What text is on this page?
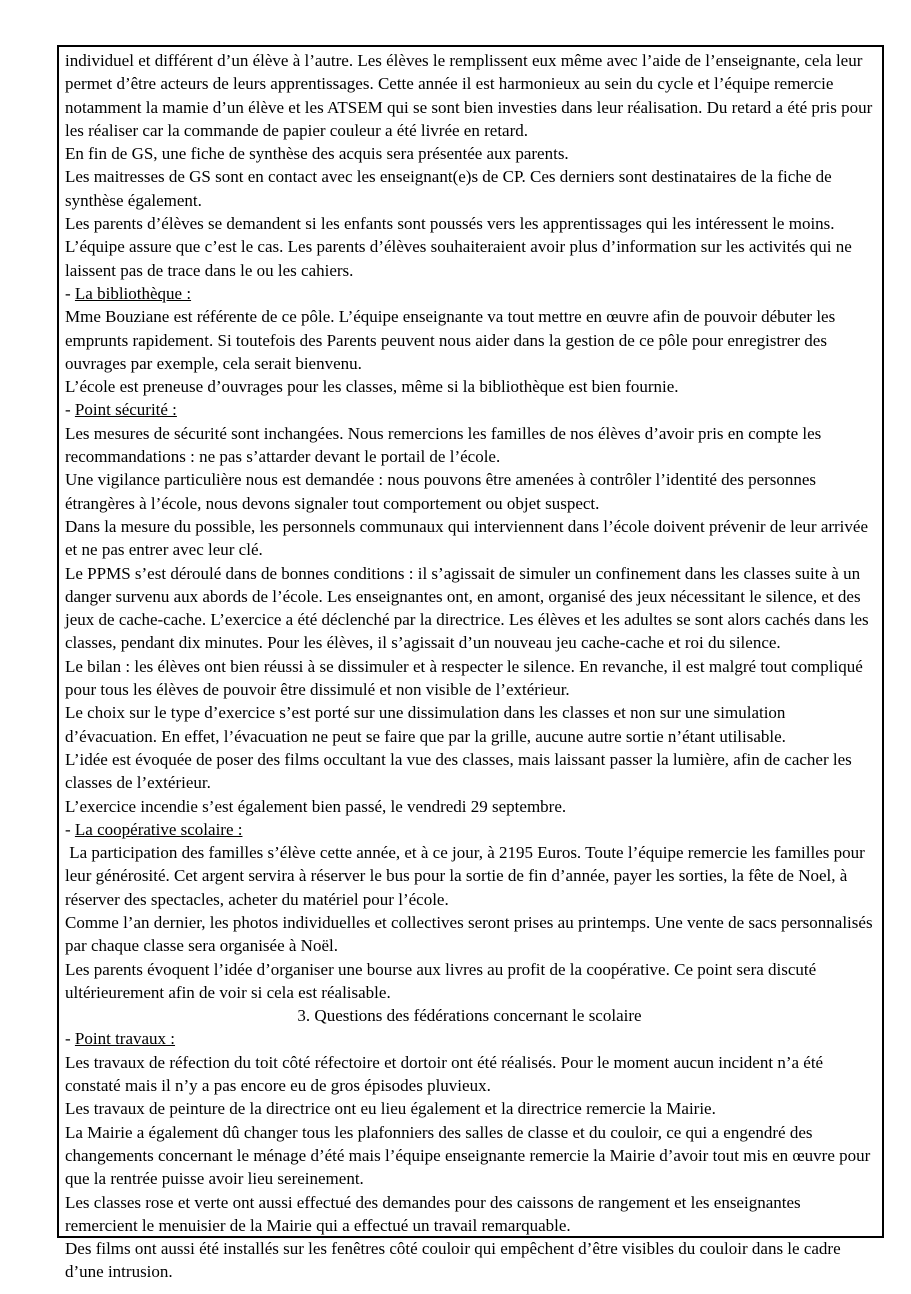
individuel et différent d’un élève à l’autre. Les élèves le remplissent eux même avec l’aide de l’enseignante, cela leur permet d’être acteurs de leurs apprentissages. Cette année il est harmonieux au sein du cycle et l’équipe remercie notamment la mamie d’un élève et les ATSEM qui se sont bien investies dans leur réalisation. Du retard a été pris pour les réaliser car la commande de papier couleur a été livrée en retard.
En fin de GS, une fiche de synthèse des acquis sera présentée aux parents.
Les maitresses de GS sont en contact avec les enseignant(e)s de CP. Ces derniers sont destinataires de la fiche de synthèse également.
Les parents d’élèves se demandent si les enfants sont poussés vers les apprentissages qui les intéressent le moins. L’équipe assure que c’est le cas. Les parents d’élèves souhaiteraient avoir plus d’information sur les activités qui ne laissent pas de trace dans le ou les cahiers.
- La bibliothèque :
Mme Bouziane est référente de ce pôle. L’équipe enseignante va tout mettre en œuvre afin de pouvoir débuter les emprunts rapidement. Si toutefois des Parents peuvent nous aider dans la gestion de ce pôle pour enregistrer des ouvrages par exemple, cela serait bienvenu.
L’école est preneuse d’ouvrages pour les classes, même si la bibliothèque est bien fournie.
- Point sécurité :
Les mesures de sécurité sont inchangées. Nous remercions les familles de nos élèves d’avoir pris en compte les recommandations : ne pas s’attarder devant le portail de l’école.
Une vigilance particulière nous est demandée : nous pouvons être amenées à contrôler l’identité des personnes étrangères à l’école, nous devons signaler tout comportement ou objet suspect.
Dans la mesure du possible, les personnels communaux qui interviennent dans l’école doivent prévenir de leur arrivée et ne pas entrer avec leur clé.
Le PPMS s’est déroulé dans de bonnes conditions : il s’agissait de simuler un confinement dans les classes suite à un danger survenu aux abords de l’école. Les enseignantes ont, en amont, organisé des jeux nécessitant le silence, et des jeux de cache-cache. L’exercice a été déclenché par la directrice. Les élèves et les adultes se sont alors cachés dans les classes, pendant dix minutes. Pour les élèves, il s’agissait d’un nouveau jeu cache-cache et roi du silence.
Le bilan : les élèves ont bien réussi à se dissimuler et à respecter le silence. En revanche, il est malgré tout compliqué pour tous les élèves de pouvoir être dissimulé et non visible de l’extérieur.
Le choix sur le type d’exercice s’est porté sur une dissimulation dans les classes et non sur une simulation d’évacuation. En effet, l’évacuation ne peut se faire que par la grille, aucune autre sortie n’étant utilisable.
L’idée est évoquée de poser des films occultant la vue des classes, mais laissant passer la lumière, afin de cacher les classes de l’extérieur.
L’exercice incendie s’est également bien passé, le vendredi 29 septembre.
- La coopérative scolaire :
La participation des familles s’élève cette année, et à ce jour, à 2195 Euros. Toute l’équipe remercie les familles pour leur générosité. Cet argent servira à réserver le bus pour la sortie de fin d’année, payer les sorties, la fête de Noel, à réserver des spectacles, acheter du matériel pour l’école.
Comme l’an dernier, les photos individuelles et collectives seront prises au printemps. Une vente de sacs personnalisés par chaque classe sera organisée à Noël.
Les parents évoquent l’idée d’organiser une bourse aux livres au profit de la coopérative. Ce point sera discuté ultérieurement afin de voir si cela est réalisable.
3. Questions des fédérations concernant le scolaire
- Point travaux :
Les travaux de réfection du toit côté réfectoire et dortoir ont été réalisés. Pour le moment aucun incident n’a été constaté mais il n’y a pas encore eu de gros épisodes pluvieux.
Les travaux de peinture de la directrice ont eu lieu également et la directrice remercie la Mairie.
La Mairie a également dû changer tous les plafonniers des salles de classe et du couloir, ce qui a engendré des changements concernant le ménage d’été mais l’équipe enseignante remercie la Mairie d’avoir tout mis en œuvre pour que la rentrée puisse avoir lieu sereinement.
Les classes rose et verte ont aussi effectué des demandes pour des caissons de rangement et les enseignantes remercient le menuisier de la Mairie qui a effectué un travail remarquable.
Des films ont aussi été installés sur les fenêtres côté couloir qui empêchent d’être visibles du couloir dans le cadre d’une intrusion.
